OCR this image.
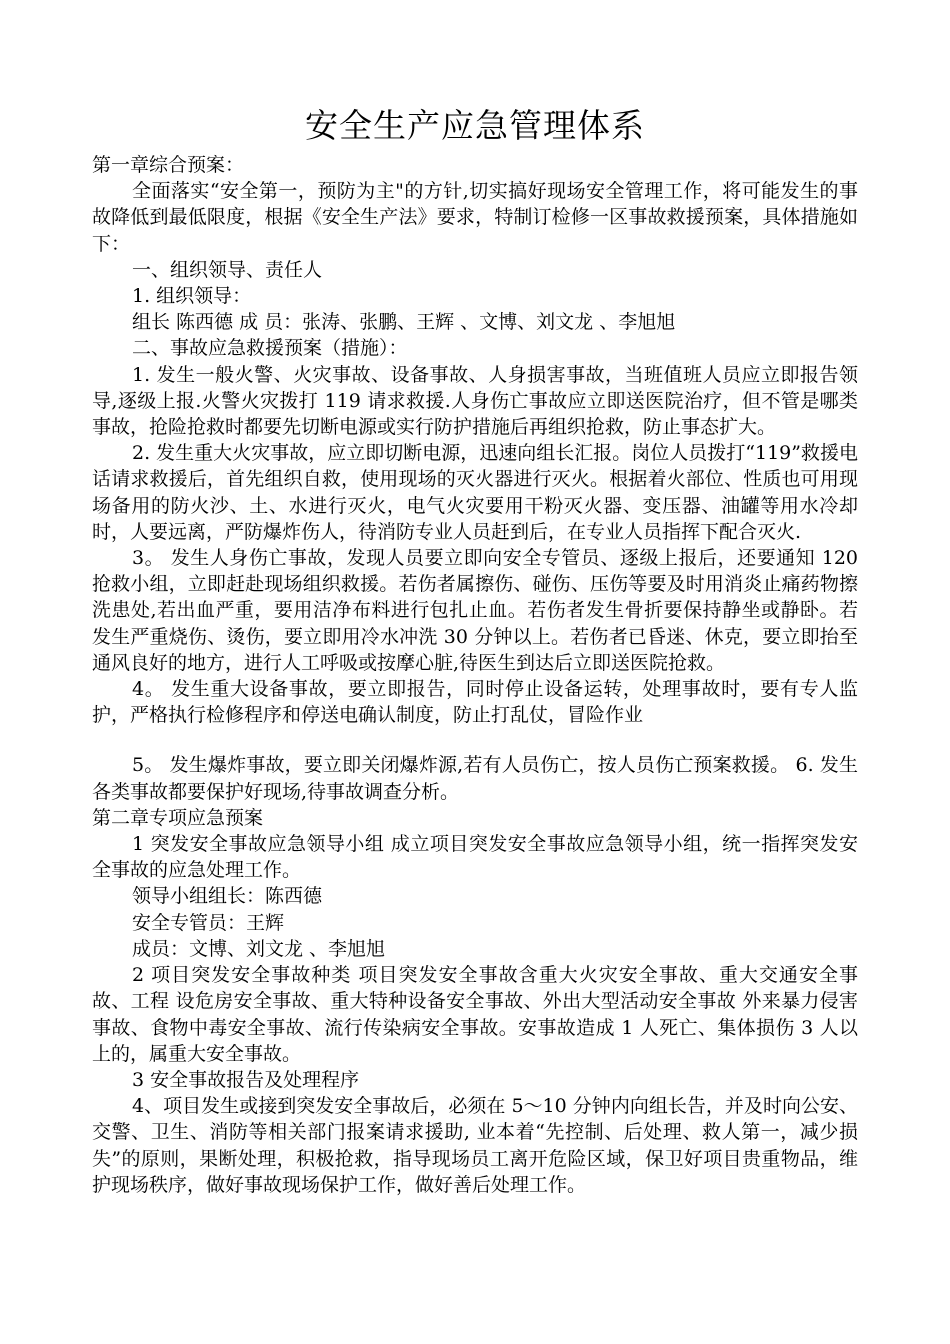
安全生产应急管理体系

第一章综合预案：

全面落实“安全第一，预防为主"的方针,切实搞好现场安全管理工作，将可能发生的事故降低到最低限度，根据《安全生产法》要求，特制订检修一区事故救援预案，具体措施如下：

一、组织领导、责任人

1. 组织领导：

组长 陈西德 成 员：张涛、张鹏、王辉 、文博、刘文龙 、李旭旭

二、事故应急救援预案（措施）：

1. 发生一般火警、火灾事故、设备事故、人身损害事故，当班值班人员应立即报告领导,逐级上报.火警火灾拨打 119 请求救援.人身伤亡事故应立即送医院治疗，但不管是哪类事故，抢险抢救时都要先切断电源或实行防护措施后再组织抢救，防止事态扩大。

2. 发生重大火灾事故，应立即切断电源，迅速向组长汇报。岗位人员拨打“119”救援电话请求救援后，首先组织自救，使用现场的灭火器进行灭火。根据着火部位、性质也可用现场备用的防火沙、土、水进行灭火，电气火灾要用干粉灭火器、变压器、油罐等用水冷却时，人要远离，严防爆炸伤人，待消防专业人员赶到后，在专业人员指挥下配合灭火.

3。 发生人身伤亡事故，发现人员要立即向安全专管员、逐级上报后，还要通知 120 抢救小组，立即赶赴现场组织救援。若伤者属擦伤、碰伤、压伤等要及时用消炎止痛药物擦洗患处,若出血严重，要用洁净布料进行包扎止血。若伤者发生骨折要保持静坐或静卧。若发生严重烧伤、烫伤，要立即用冷水冲洗 30 分钟以上。若伤者已昏迷、休克，要立即抬至通风良好的地方，进行人工呼吸或按摩心脏,待医生到达后立即送医院抢救。

4。 发生重大设备事故，要立即报告，同时停止设备运转，处理事故时，要有专人监护，严格执行检修程序和停送电确认制度，防止打乱仗，冒险作业

5。 发生爆炸事故，要立即关闭爆炸源,若有人员伤亡，按人员伤亡预案救援。 6. 发生各类事故都要保护好现场,待事故调查分析。

第二章专项应急预案

1 突发安全事故应急领导小组 成立项目突发安全事故应急领导小组，统一指挥突发安全事故的应急处理工作。

领导小组组长：陈西德

安全专管员：王辉

成员：文博、刘文龙 、李旭旭

2 项目突发安全事故种类 项目突发安全事故含重大火灾安全事故、重大交通安全事故、工程 设危房安全事故、重大特种设备安全事故、外出大型活动安全事故 外来暴力侵害事故、食物中毒安全事故、流行传染病安全事故。安事故造成 1 人死亡、集体损伤 3 人以上的，属重大安全事故。

3 安全事故报告及处理程序

4、项目发生或接到突发安全事故后，必须在 5～10 分钟内向组长告，并及时向公安、交警、卫生、消防等相关部门报案请求援助, 业本着“先控制、后处理、救人第一，减少损失”的原则，果断处理，积极抢救，指导现场员工离开危险区域，保卫好项目贵重物品，维护现场秩序，做好事故现场保护工作，做好善后处理工作。
